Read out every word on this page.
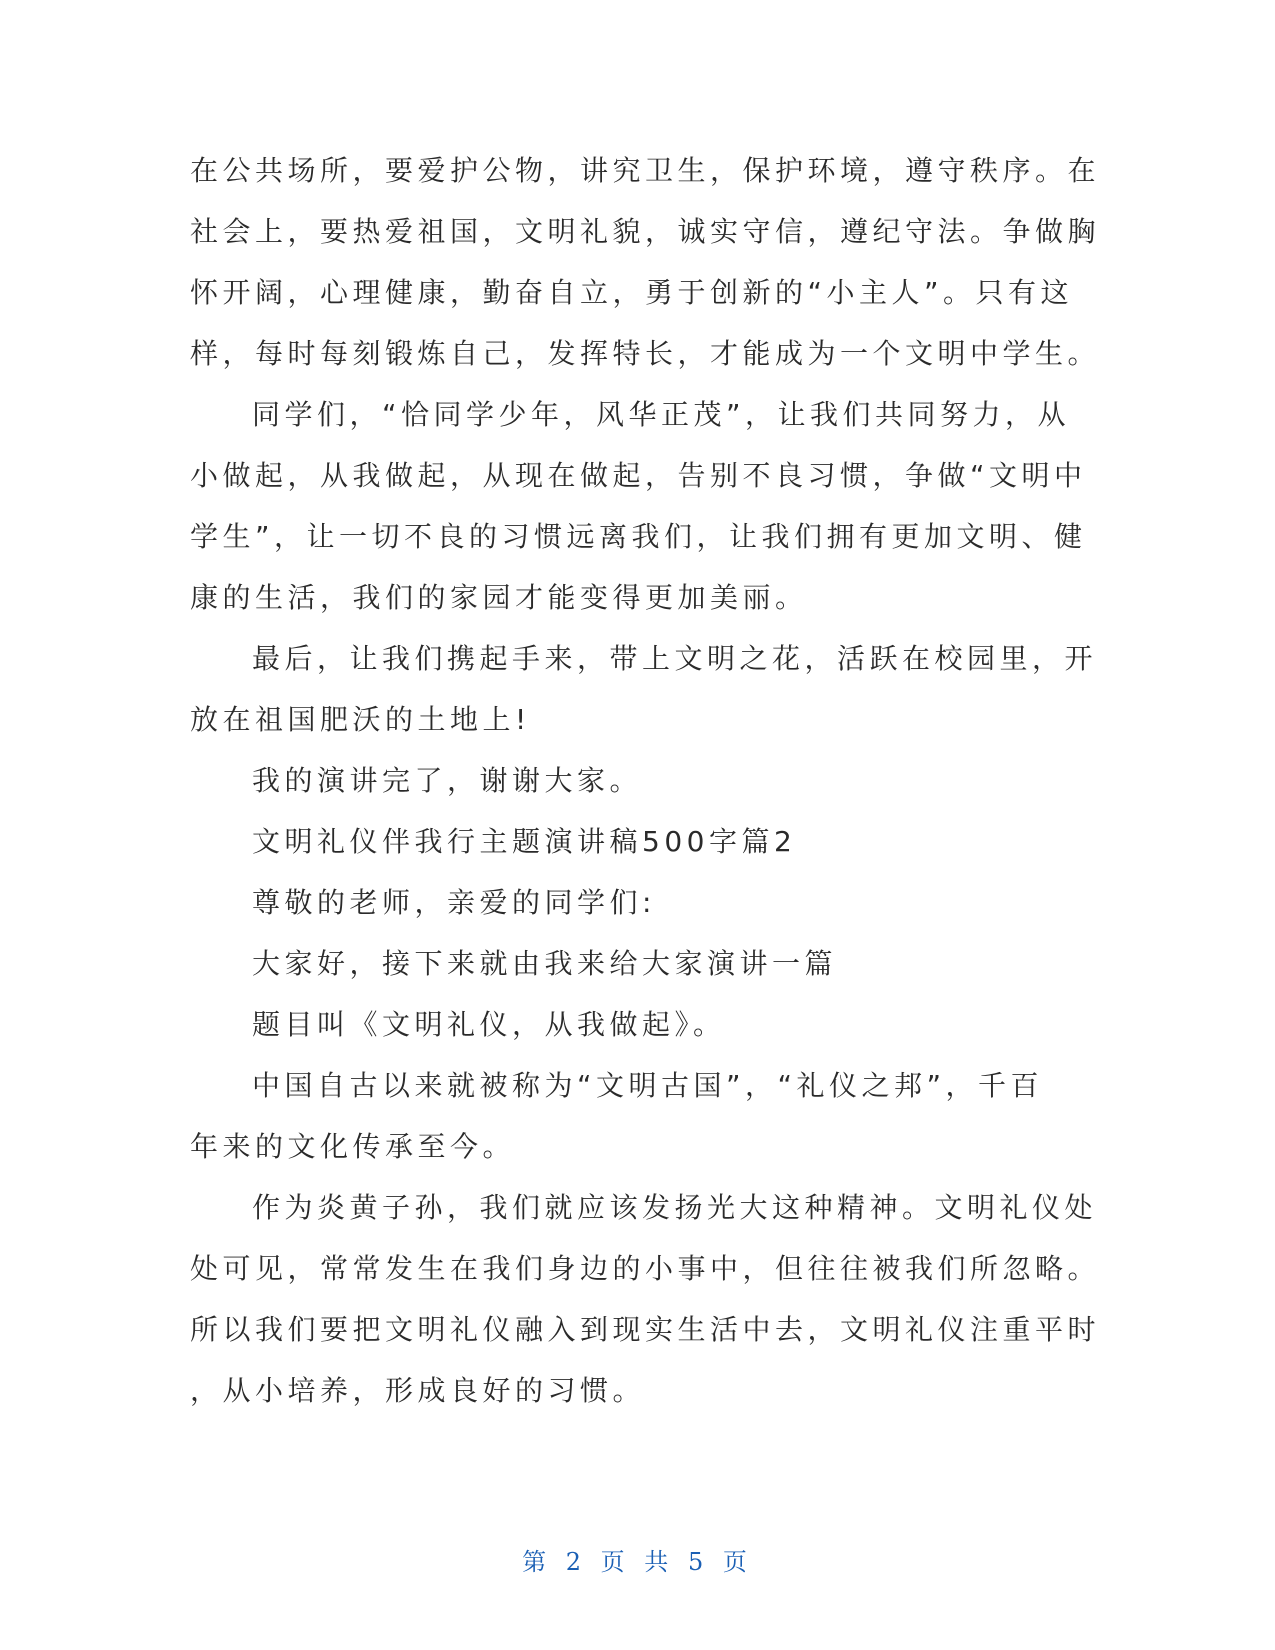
在公共场所，要爱护公物，讲究卫生，保护环境，遵守秩序。在
社会上，要热爱祖国，文明礼貌，诚实守信，遵纪守法。争做胸
怀开阔，心理健康，勤奋自立，勇于创新的“小主人”。只有这
样，每时每刻锻炼自己，发挥特长，才能成为一个文明中学生。
同学们，“恰同学少年，风华正茂”，让我们共同努力，从
小做起，从我做起，从现在做起，告别不良习惯，争做“文明中
学生”，让一切不良的习惯远离我们，让我们拥有更加文明、健
康的生活，我们的家园才能变得更加美丽。
最后，让我们携起手来，带上文明之花，活跃在校园里，开
放在祖国肥沃的土地上!
我的演讲完了，谢谢大家。
文明礼仪伴我行主题演讲稿500字篇2
尊敬的老师，亲爱的同学们:
大家好，接下来就由我来给大家演讲一篇
题目叫《文明礼仪，从我做起》。
中国自古以来就被称为“文明古国”，“礼仪之邦”，千百
年来的文化传承至今。
作为炎黄子孙，我们就应该发扬光大这种精神。文明礼仪处
处可见，常常发生在我们身边的小事中，但往往被我们所忽略。
所以我们要把文明礼仪融入到现实生活中去，文明礼仪注重平时
，从小培养，形成良好的习惯。
第 2 页 共 5 页
